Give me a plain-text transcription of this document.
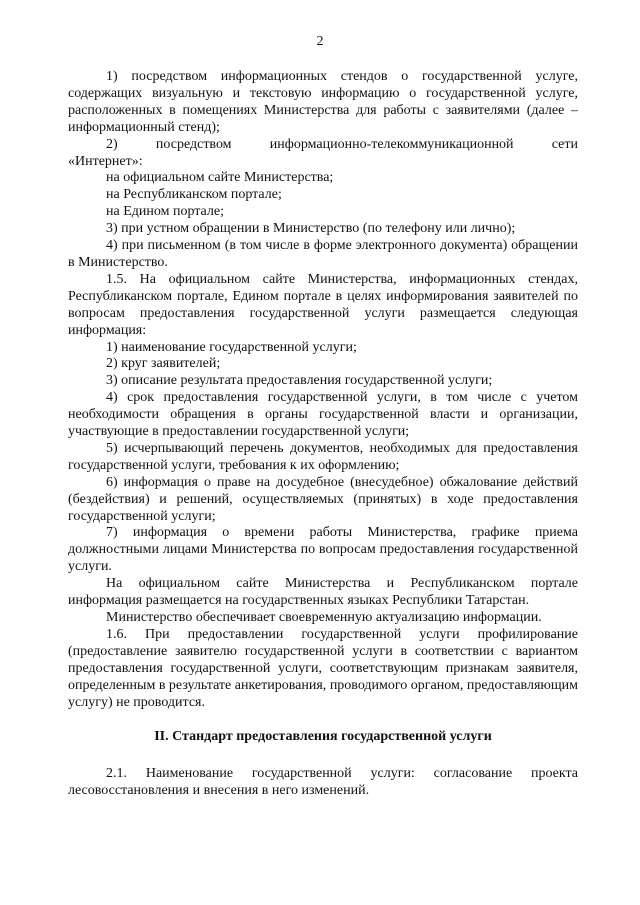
2

1) посредством информационных стендов о государственной услуге, содержащих визуальную и текстовую информацию о государственной услуге, расположенных в помещениях Министерства для работы с заявителями (далее – информационный стенд);

2) посредством информационно-телекоммуникационной сети

«Интернет»:

на официальном сайте Министерства;

на Республиканском портале;

на Едином портале;

3) при устном обращении в Министерство (по телефону или лично);

4) при письменном (в том числе в форме электронного документа) обращении в Министерство.

1.5. На официальном сайте Министерства, информационных стендах, Республиканском портале, Едином портале в целях информирования заявителей по вопросам предоставления государственной услуги размещается следующая информация:

1) наименование государственной услуги;

2) круг заявителей;

3) описание результата предоставления государственной услуги;

4) срок предоставления государственной услуги, в том числе с учетом необходимости обращения в органы государственной власти и организации, участвующие в предоставлении государственной услуги;

5) исчерпывающий перечень документов, необходимых для предоставления государственной услуги, требования к их оформлению;

6) информация о праве на досудебное (внесудебное) обжалование действий (бездействия) и решений, осуществляемых (принятых) в ходе предоставления государственной услуги;

7) информация о времени работы Министерства, графике приема должностными лицами Министерства по вопросам предоставления государственной услуги.

На официальном сайте Министерства и Республиканском портале информация размещается на государственных языках Республики Татарстан.

Министерство обеспечивает своевременную актуализацию информации.

1.6. При предоставлении государственной услуги профилирование (предоставление заявителю государственной услуги в соответствии с вариантом предоставления государственной услуги, соответствующим признакам заявителя, определенным в результате анкетирования, проводимого органом, предоставляющим услугу) не проводится.

II. Стандарт предоставления государственной услуги

2.1. Наименование государственной услуги: согласование проекта лесовосстановления и внесения в него изменений.
